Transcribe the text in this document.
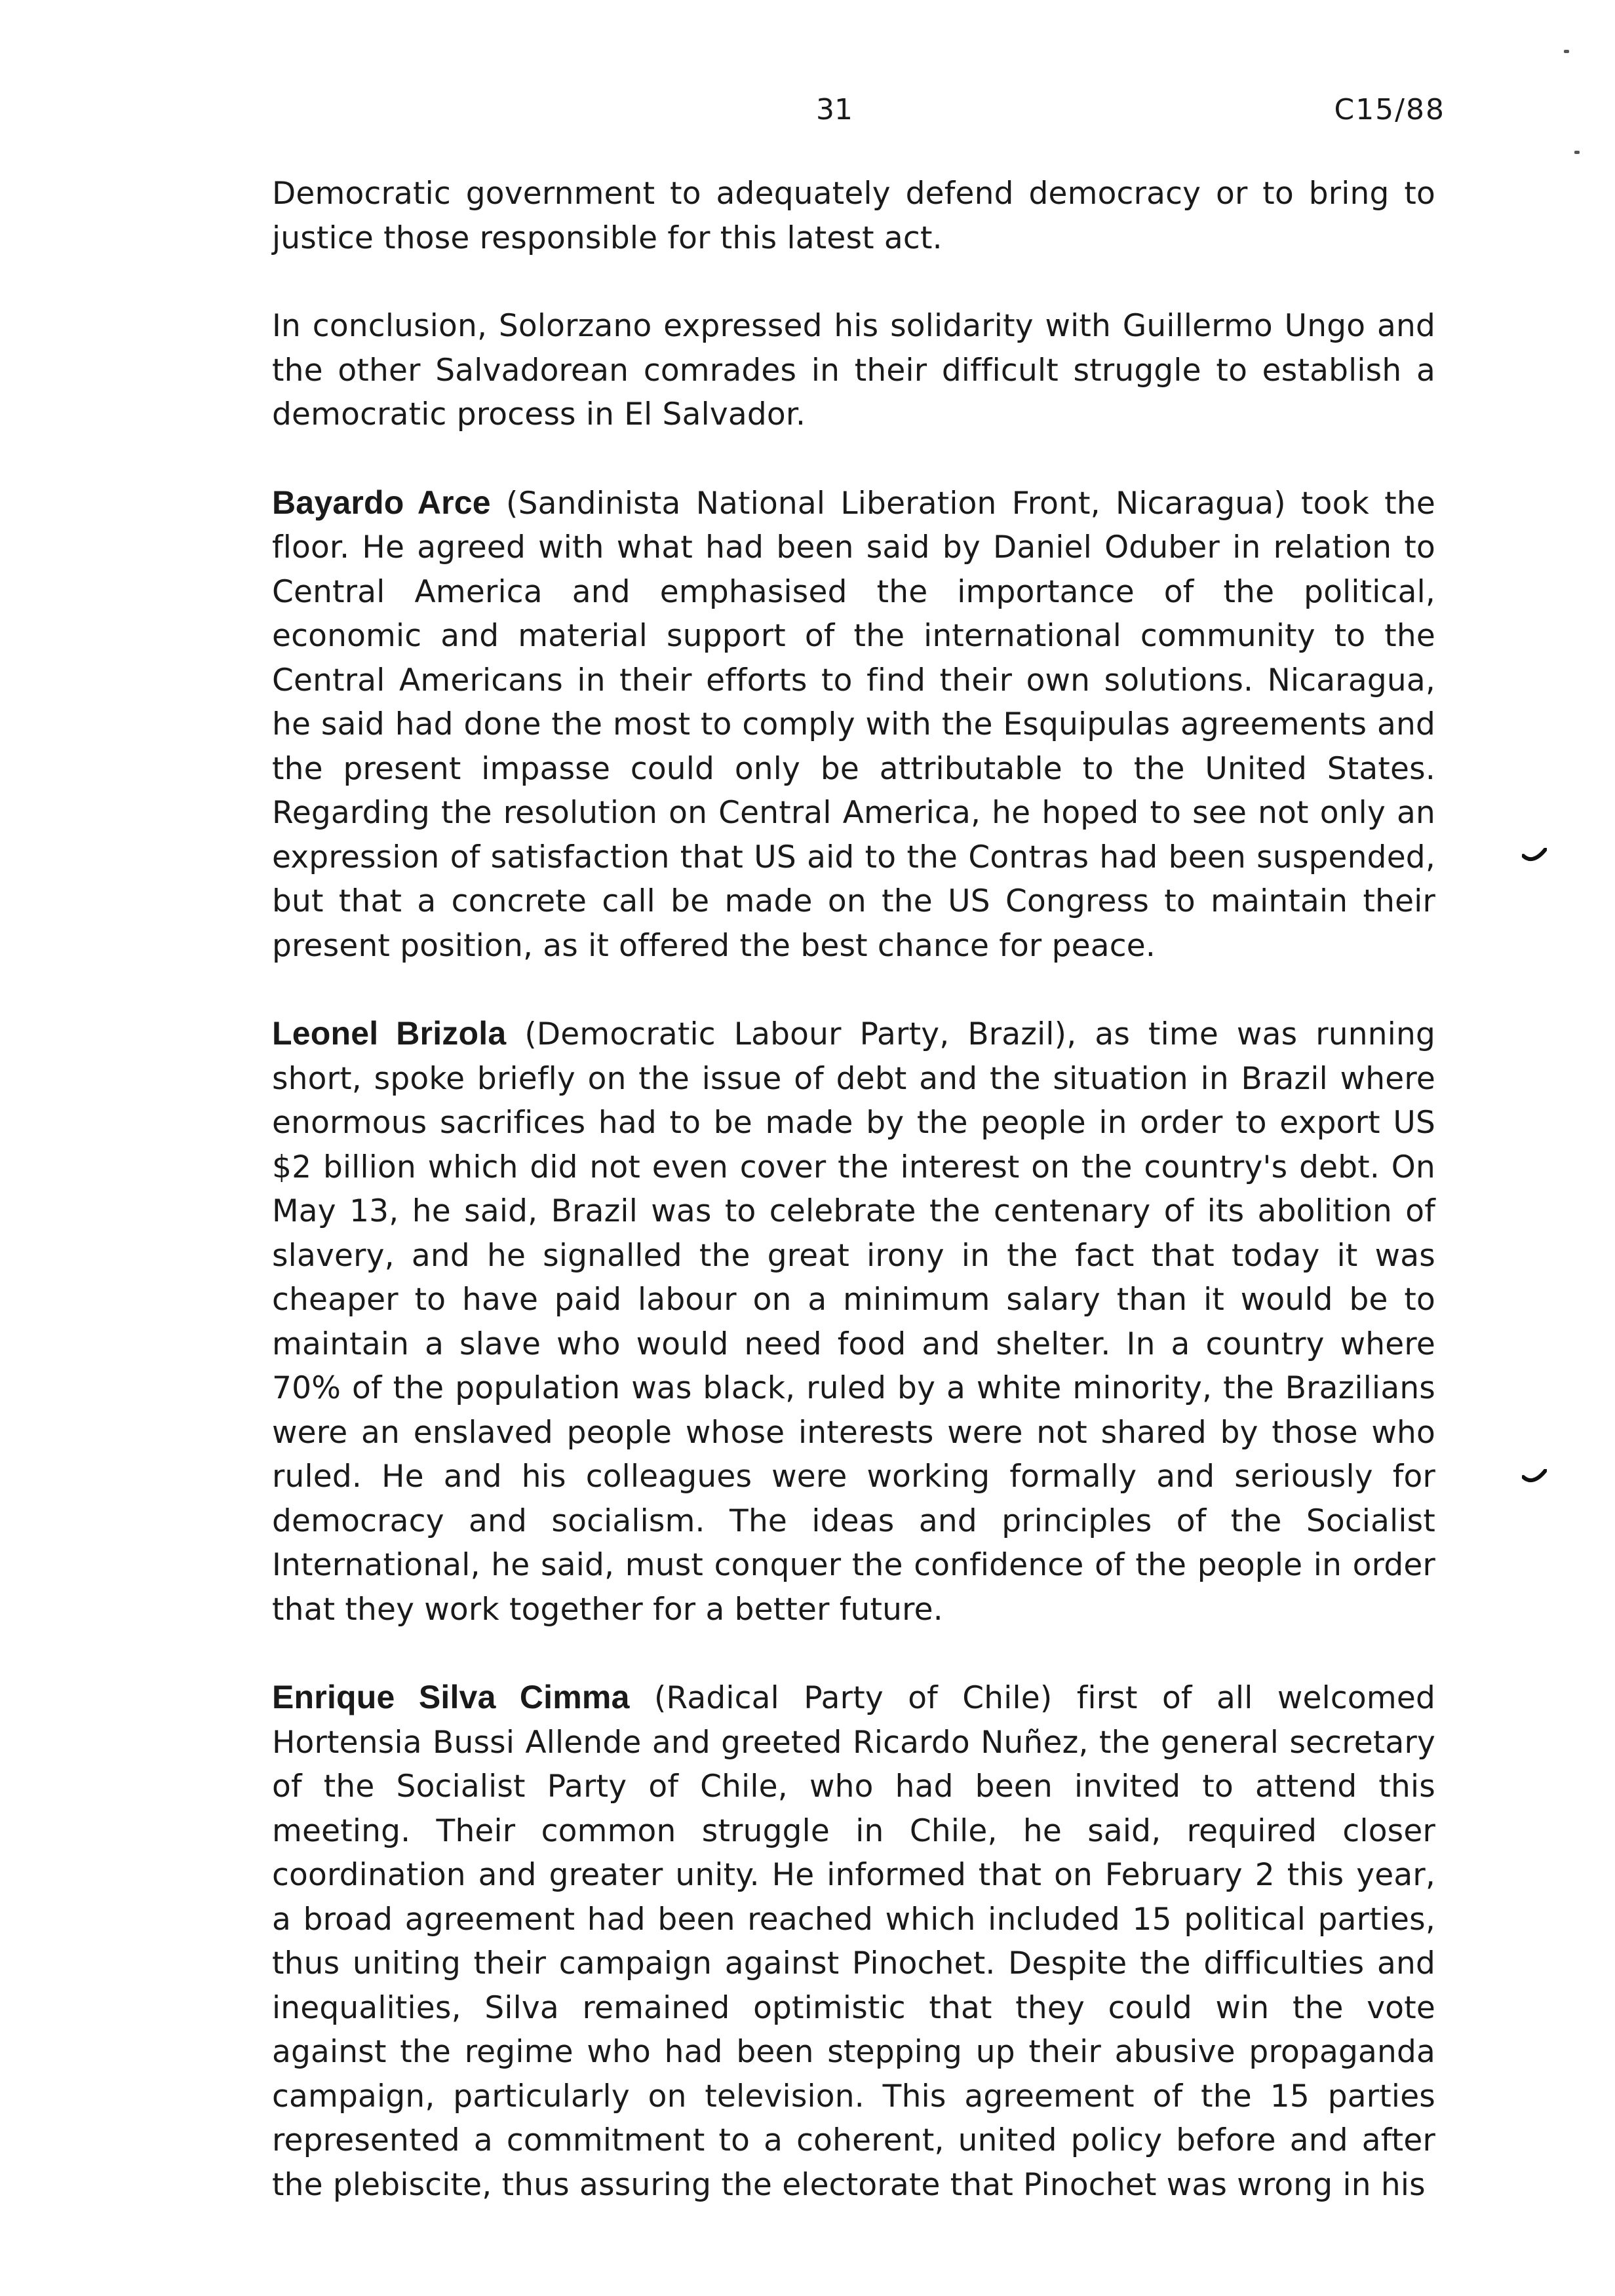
31	C15/88

Democratic government to adequately defend democracy or to bring to justice those responsible for this latest act.

In conclusion, Solorzano expressed his solidarity with Guillermo Ungo and the other Salvadorean comrades in their difficult struggle to establish a democratic process in El Salvador.

Bayardo Arce (Sandinista National Liberation Front, Nicaragua) took the floor. He agreed with what had been said by Daniel Oduber in relation to Central America and emphasised the importance of the political, economic and material support of the international community to the Central Americans in their efforts to find their own solutions. Nicaragua, he said had done the most to comply with the Esquipulas agreements and the present impasse could only be attributable to the United States. Regarding the resolution on Central America, he hoped to see not only an expression of satisfaction that US aid to the Contras had been suspended, but that a concrete call be made on the US Congress to maintain their present position, as it offered the best chance for peace.

Leonel Brizola (Democratic Labour Party, Brazil), as time was running short, spoke briefly on the issue of debt and the situation in Brazil where enormous sacrifices had to be made by the people in order to export US $2 billion which did not even cover the interest on the country's debt. On May 13, he said, Brazil was to celebrate the centenary of its abolition of slavery, and he signalled the great irony in the fact that today it was cheaper to have paid labour on a minimum salary than it would be to maintain a slave who would need food and shelter. In a country where 70% of the population was black, ruled by a white minority, the Brazilians were an enslaved people whose interests were not shared by those who ruled. He and his colleagues were working formally and seriously for democracy and socialism. The ideas and principles of the Socialist International, he said, must conquer the confidence of the people in order that they work together for a better future.

Enrique Silva Cimma (Radical Party of Chile) first of all welcomed Hortensia Bussi Allende and greeted Ricardo Nuñez, the general secretary of the Socialist Party of Chile, who had been invited to attend this meeting. Their common struggle in Chile, he said, required closer coordination and greater unity. He informed that on February 2 this year, a broad agreement had been reached which included 15 political parties, thus uniting their campaign against Pinochet. Despite the difficulties and inequalities, Silva remained optimistic that they could win the vote against the regime who had been stepping up their abusive propaganda campaign, particularly on television. This agreement of the 15 parties represented a commitment to a coherent, united policy before and after the plebiscite, thus assuring the electorate that Pinochet was wrong in his
